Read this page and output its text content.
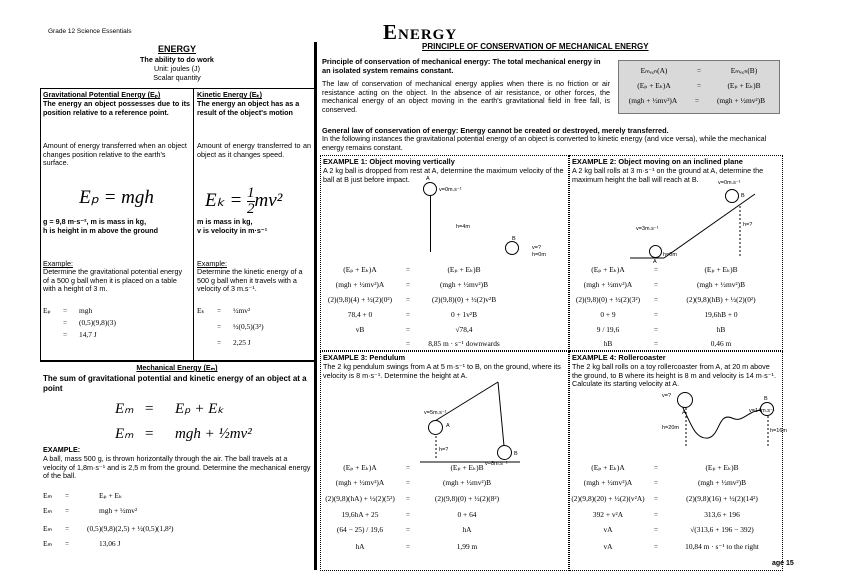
Grade 12 Science Essentials	Energy
PRINCIPLE OF CONSERVATION OF MECHANICAL ENERGY
ENERGY
The ability to do work
Unit: joules (J)
Scalar quantity
Gravitational Potential Energy (Eₚ)
The energy an object possesses due to its position relative to a reference point.
Amount of energy transferred when an object changes position relative to the earth's surface.
Eₚ = mgh
g = 9,8 m·s⁻², m is mass in kg,
h is height in m above the ground
Example:
Determine the gravitational potential energy of a 500 g ball when it is placed on a table with a height of 3 m.
Eₚ = mgh
= (0,5)(9,8)(3)
= 14,7 J
Kinetic Energy (Eₖ)
The energy an object has as a result of the object's motion
Amount of energy transferred to an object as it changes speed.
$E_k = \frac{1}{2} mv^2$
m is mass in kg,
v is velocity in m·s⁻¹
Example:
Determine the kinetic energy of a 500 g ball when it travels with a velocity of 3 m.s⁻¹.
Eₖ = ½mv²
= ½(0,5)(3²)
= 2,25 J
Mechanical Energy (Eₘ)
The sum of gravitational potential and kinetic energy of an object at a point
Eₘ = Eₚ + Eₖ
Eₘ = mgh + ½mv²
EXAMPLE:
A ball, mass 500 g, is thrown horizontally through the air. The ball travels at a velocity of 1,8m·s⁻¹ and is 2,5 m from the ground. Determine the mechanical energy of the ball.
Eₘ =	Eₚ + Eₖ
Eₘ =	mgh + ½mv²
Eₘ = (0,5)(9,8)(2,5) + ½(0,5)(1,8²)
Eₘ =	13,06 J
Principle of conservation of mechanical energy: The total mechanical energy in an isolated system remains constant.
The law of conservation of mechanical energy applies when there is no friction or air resistance acting on the object. In the absence of air resistance, or other forces, the mechanical energy of an object moving in the earth's gravitational field in free fall, is conserved.
Eₘₑ꜀ₕ(A)	=	Eₘₑ꜀ₕ(B)
(Eₚ + Eₖ)A	=	(Eₚ + Eₖ)B
(mgh + ½mv²)A = (mgh + ½mv²)B
General law of conservation of energy: Energy cannot be created or destroyed, merely transferred.
In the following instances the gravitational potential energy of an object is converted to kinetic energy (and vice versa), while the mechanical energy remains constant.
EXAMPLE 1: Object moving vertically
A 2 kg ball is dropped from rest at A, determine the maximum velocity of the ball at B just before impact.	A
v=0m.s⁻¹
h=4m
B
v=?
h=0m
(Eₚ + Eₖ)A	=	(Eₚ + Eₖ)B
(mgh + ½mv²)A	=	(mgh + ½mv²)B
(2)(9,8)(4) + ½(2)(0²) =	(2)(9,8)(0) + ½(2)v²B
78,4 + 0	=	0 + 1v²B
vB	=	√78,4
= 8,85 m · s⁻¹ downwards
EXAMPLE 2: Object moving on an inclined plane
A 2 kg ball rolls at 3 m·s⁻¹ on the ground at A, determine the maximum height the ball will reach at B.	v=0m.s⁻¹
B
v=3m.s⁻¹
h=?
h=0m
A
(Eₚ + Eₖ)A	=	(Eₚ + Eₖ)B
(mgh + ½mv²)A	=	(mgh + ½mv²)B
(2)(9,8)(0) + ½(2)(3²) =	(2)(9,8)(hB) + ½(2)(0²)
0 + 9	=	19,6hB + 0
9 / 19,6	=	hB
hB	=	0,46 m
EXAMPLE 3: Pendulum
The 2 kg pendulum swings from A at 5 m·s⁻¹ to B, on the ground, where its velocity is 8 m·s⁻¹. Determine the height at A.
v=5m.s⁻¹
A
h=?
B
v=8m.s⁻¹
(Eₚ + Eₖ)A	=	(Eₚ + Eₖ)B
(mgh + ½mv²)A	=	(mgh + ½mv²)B
(2)(9,8)(hA) + ½(2)(5²) =	(2)(9,8)(0) + ½(2)(8²)
19,6hA + 25	=	0 + 64
(64 − 25) / 19,6	=	hA
hA	=	1,99 m
EXAMPLE 4: Rollercoaster
The 2 kg ball rolls on a toy rollercoaster from A, at 20 m above the ground, to B where its height is 8 m and velocity is 14 m·s⁻¹. Calculate its starting velocity at A.
v=?
A
h=20m
B
v=14m.s⁻¹
h=16m
(Eₚ + Eₖ)A	=	(Eₚ + Eₖ)B
(mgh + ½mv²)A	=	(mgh + ½mv²)B
(2)(9,8)(20) + ½(2)(v²A) =	(2)(9,8)(16) + ½(2)(14²)
392 + v²A	=	313,6 + 196
vA	=	√(313,6 + 196 − 392)
vA	=	10,84 m · s⁻¹ to the right
age 15
